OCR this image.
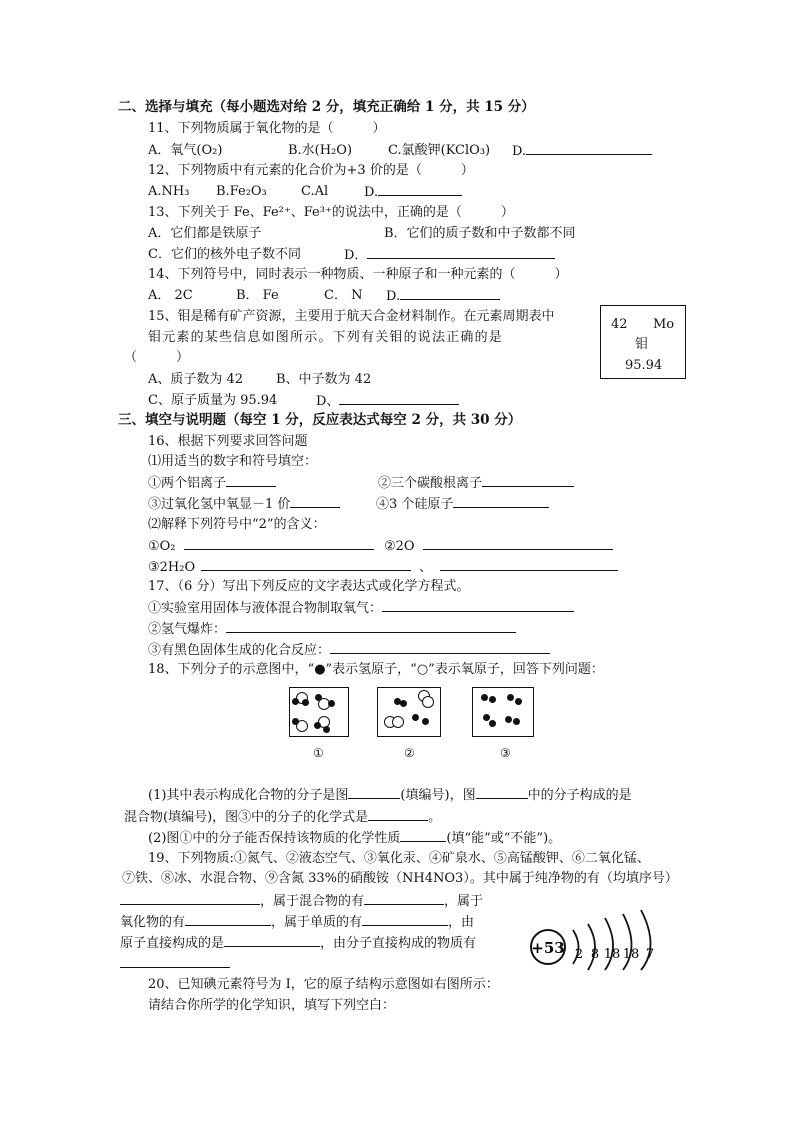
二、选择与填充（每小题选对给 2 分，填充正确给 1 分，共 15 分）
11、下列物质属于氧化物的是（　　　）
A．氧气(O₂)	B.水(H₂O)	C.氯酸钾(KClO₃) D.
12、下列物质中有元素的化合价为+3 价的是（　　　）
A.NH₃ B.Fe₂O₃	C.Al	D.
13、下列关于 Fe、Fe²⁺、Fe³⁺的说法中，正确的是（　　　）
A．它们都是铁原子	B．它们的质子数和中子数都不同
C．它们的核外电子数不同	D．
14、下列符号中，同时表示一种物质、一种原子和一种元素的（　　　）
A． 2C	B． Fe	C． N D.
15、钼是稀有矿产资源，主要用于航天合金材料制作。在元素周期表中
钼元素的某些信息如图所示。下列有关钼的说法正确的是
（　　　）
A、质子数为 42	B、中子数为 42
C、原子质量为 95.94	D、
42 Mo
钼
95.94
三、填空与说明题（每空 1 分，反应表达式每空 2 分，共 30 分）
16、根据下列要求回答问题
⑴用适当的数字和符号填空：
①两个铝离子	②三个碳酸根离子
③过氧化氢中氧显－1 价	④3 个硅原子
⑵解释下列符号中“2”的含义：
①O₂	②2O
③2H₂O	、
17、（6 分）写出下列反应的文字表达式或化学方程式。
①实验室用固体与液体混合物制取氧气：
②氢气爆炸：
③有黑色固体生成的化合反应：
18、下列分子的示意图中，“●”表示氢原子，“○”表示氧原子，回答下列问题：
①	②	③
(1)其中表示构成化合物的分子是图	(填编号)，图	中的分子构成的是
混合物(填编号)，图③中的分子的化学式是	。
(2)图①中的分子能否保持该物质的化学性质	(填“能”或“不能”)。
19、下列物质:①氮气、②液态空气、③氧化汞、④矿泉水、⑤高锰酸钾、⑥二氧化锰、
⑦铁、⑧冰、水混合物、⑨含氮 33%的硝酸铵（NH4NO3）。其中属于纯净物的有（均填序号）
，属于混合物的有	，属于
氧化物的有	，属于单质的有	，由
原子直接构成的是	，由分子直接构成的物质有
20、已知碘元素符号为 I，它的原子结构示意图如右图所示：
请结合你所学的化学知识，填写下列空白：
+53 2 8 18 18 7
